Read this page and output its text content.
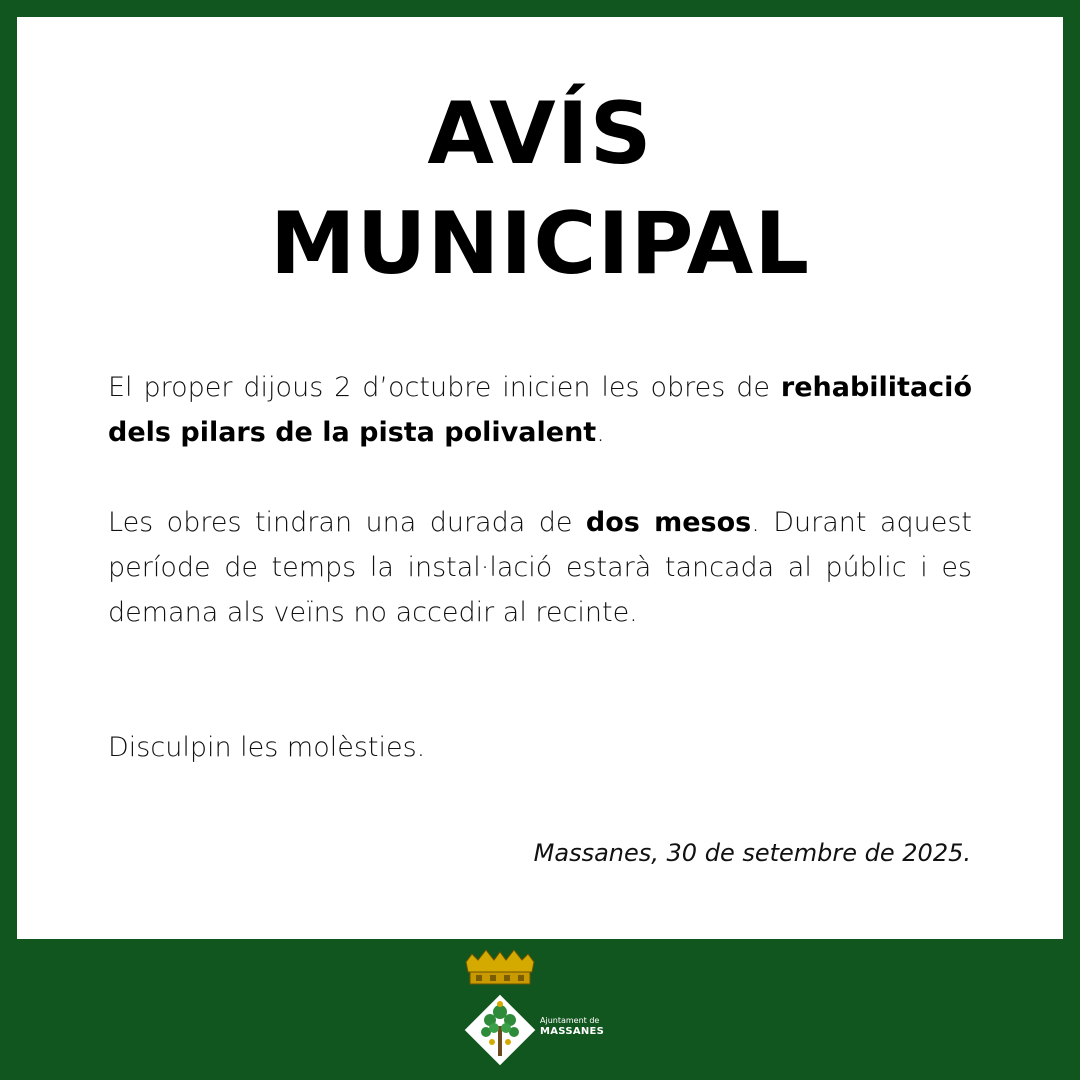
AVÍS
MUNICIPAL
El proper dijous 2 d’octubre inicien les obres de rehabilitació dels pilars de la pista polivalent.
Les obres tindran una durada de dos mesos. Durant aquest període de temps la instal·lació estarà tancada al públic i es demana als veïns no accedir al recinte.
Disculpin les molèsties.
Massanes, 30 de setembre de 2025.
Ajuntament de
MASSANES
